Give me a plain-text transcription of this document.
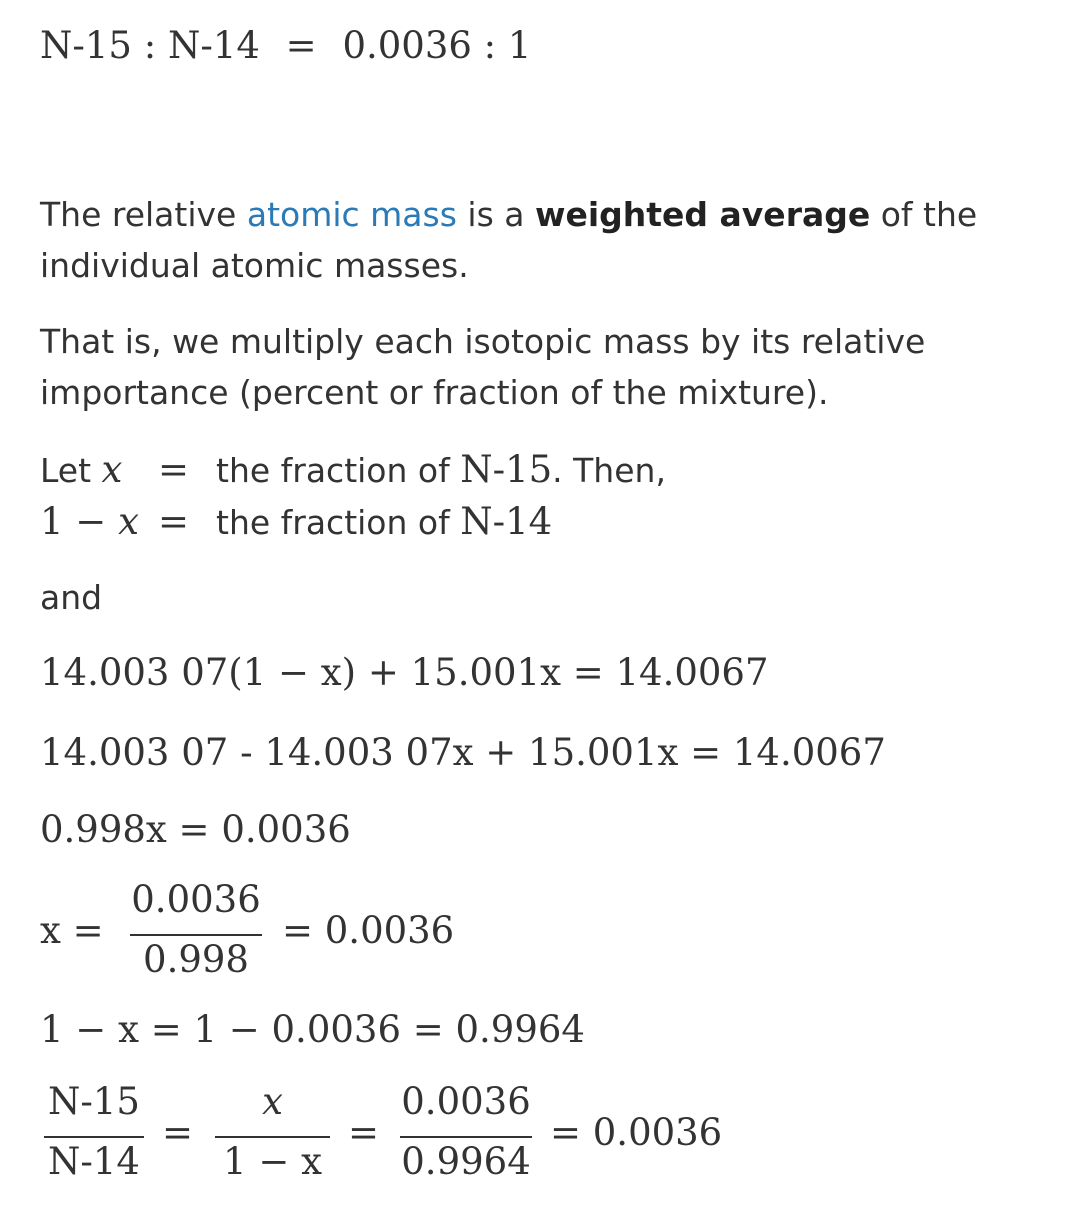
N-15 : N-14 = 0.0036 : 1
The relative atomic mass is a weighted average of the
individual atomic masses.
That is, we multiply each isotopic mass by its relative
importance (percent or fraction of the mixture).
Let x = the fraction of N-15. Then,
1 − x = the fraction of N-14
and
14.003 07(1 − x) + 15.001x = 14.0067
14.003 07 - 14.003 07x + 15.001x = 14.0067
0.998x = 0.0036
x =
0.0036
0.998
= 0.0036
1 − x = 1 − 0.0036 = 0.9964
N-15
N-14
=
x
1 − x
=
0.0036
0.9964
= 0.0036
